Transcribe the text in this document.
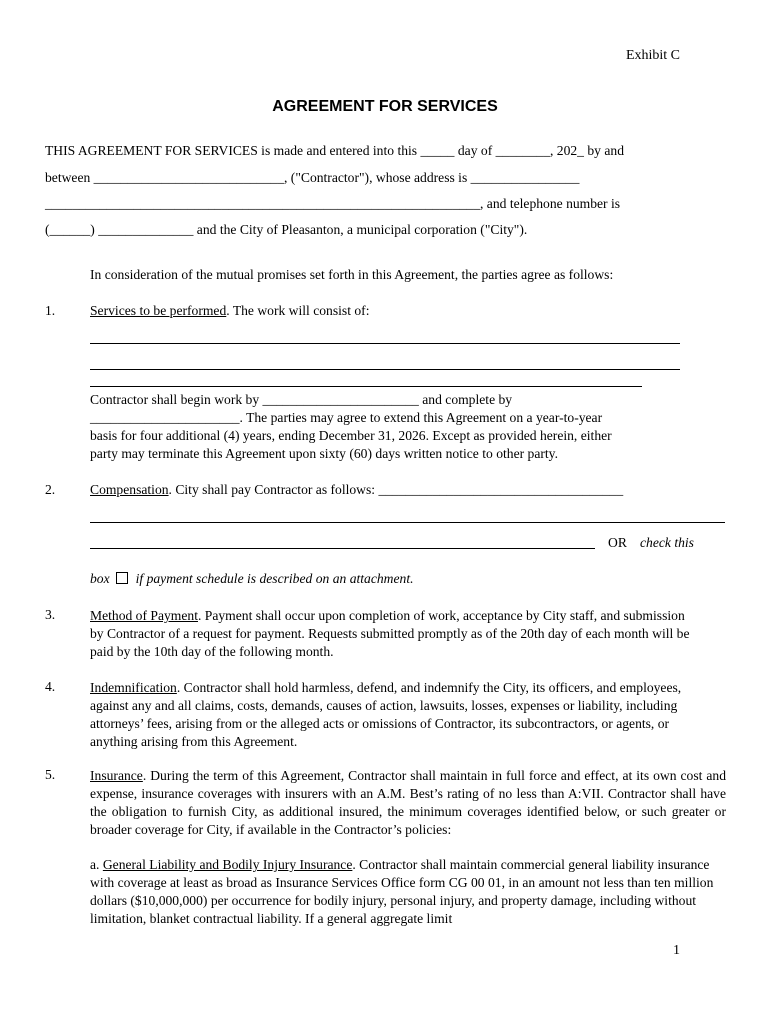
Exhibit C
AGREEMENT FOR SERVICES
THIS AGREEMENT FOR SERVICES is made and entered into this _____ day of ________, 202_ by and
between ____________________________, ("Contractor"), whose address is ________________
________________________________________________________________, and telephone number is
(______) ______________ and the City of Pleasanton, a municipal corporation ("City").
In consideration of the mutual promises set forth in this Agreement, the parties agree as follows:
1.	Services to be performed. The work will consist of:
Contractor shall begin work by _______________________ and complete by
______________________. The parties may agree to extend this Agreement on a year-to-year
basis for four additional (4) years, ending December 31, 2026. Except as provided herein, either
party may terminate this Agreement upon sixty (60) days written notice to other party.
2.	Compensation. City shall pay Contractor as follows: ____________________________________
OR check this
box if payment schedule is described on an attachment.
3.	Method of Payment. Payment shall occur upon completion of work, acceptance by City staff, and submission by Contractor of a request for payment. Requests submitted promptly as of the 20th day of each month will be paid by the 10th day of the following month.
4.	Indemnification. Contractor shall hold harmless, defend, and indemnify the City, its officers, and employees, against any and all claims, costs, demands, causes of action, lawsuits, losses, expenses or liability, including attorneys’ fees, arising from or the alleged acts or omissions of Contractor, its subcontractors, or agents, or anything arising from this Agreement.
5.	Insurance. During the term of this Agreement, Contractor shall maintain in full force and effect, at its own cost and expense, insurance coverages with insurers with an A.M. Best’s rating of no less than A:VII. Contractor shall have the obligation to furnish City, as additional insured, the minimum coverages identified below, or such greater or broader coverage for City, if available in the Contractor’s policies:
a. General Liability and Bodily Injury Insurance. Contractor shall maintain commercial general liability insurance with coverage at least as broad as Insurance Services Office form CG 00 01, in an amount not less than ten million dollars ($10,000,000) per occurrence for bodily injury, personal injury, and property damage, including without limitation, blanket contractual liability. If a general aggregate limit
1
